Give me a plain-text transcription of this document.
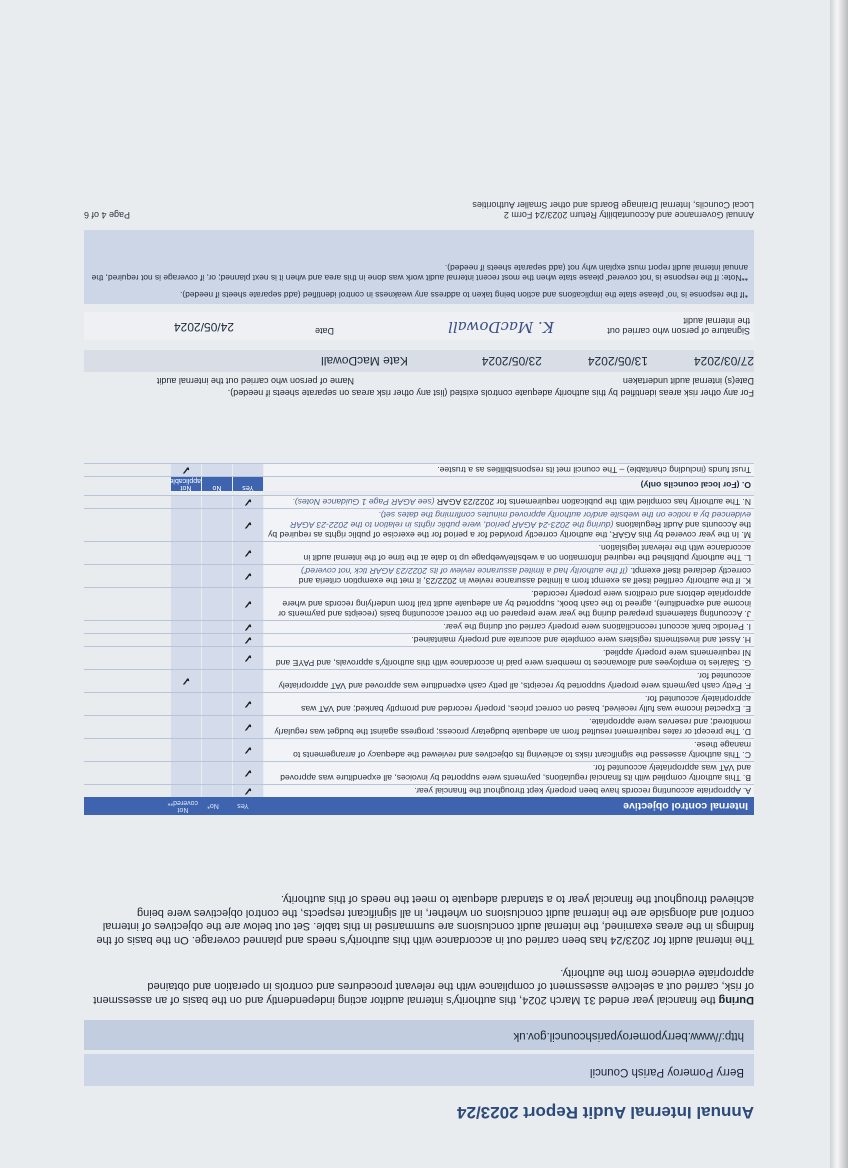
Annual Internal Audit Report 2023/24
Berry Pomeroy Parish Council
http://www.berrypomeroyparishcouncil.gov.uk
During the financial year ended 31 March 2024, this authority's internal auditor acting independently and on the basis of an assessment of risk, carried out a selective assessment of compliance with the relevant procedures and controls in operation and obtained appropriate evidence from the authority.
The internal audit for 2023/24 has been carried out in accordance with this authority's needs and planned coverage. On the basis of the findings in the areas examined, the internal audit conclusions are summarised in this table. Set out below are the objectives of internal control and alongside are the internal audit conclusions on whether, in all significant respects, the control objectives were being achieved throughout the financial year to a standard adequate to meet the needs of this authority.
Internal control objective
Yes
No*
Not covered**
A. Appropriate accounting records have been properly kept throughout the financial year.
✓
B. This authority complied with its financial regulations, payments were supported by invoices, all expenditure was approved and VAT was appropriately accounted for.
✓
C. This authority assessed the significant risks to achieving its objectives and reviewed the adequacy of arrangements to manage these.
✓
D. The precept or rates requirement resulted from an adequate budgetary process; progress against the budget was regularly monitored; and reserves were appropriate.
✓
E. Expected income was fully received, based on correct prices, properly recorded and promptly banked; and VAT was appropriately accounted for.
✓
F. Petty cash payments were properly supported by receipts, all petty cash expenditure was approved and VAT appropriately accounted for.
✓
G. Salaries to employees and allowances to members were paid in accordance with this authority's approvals, and PAYE and NI requirements were properly applied.
✓
H. Asset and investments registers were complete and accurate and properly maintained.
✓
I. Periodic bank account reconciliations were properly carried out during the year.
✓
J. Accounting statements prepared during the year were prepared on the correct accounting basis (receipts and payments or income and expenditure), agreed to the cash book, supported by an adequate audit trail from underlying records and where appropriate debtors and creditors were properly recorded.
✓
K. If the authority certified itself as exempt from a limited assurance review in 2022/23, it met the exemption criteria and correctly declared itself exempt. (If the authority had a limited assurance review of its 2022/23 AGAR tick 'not covered')
✓
L. The authority published the required information on a website/webpage up to date at the time of the internal audit in accordance with the relevant legislation.
✓
M. In the year covered by this AGAR, the authority correctly provided for a period for the exercise of public rights as required by the Accounts and Audit Regulations (during the 2023-24 AGAR period, were public rights in relation to the 2022-23 AGAR evidenced by a notice on the website and/or authority approved minutes confirming the dates set).
✓
N. The authority has complied with the publication requirements for 2022/23 AGAR (see AGAR Page 1 Guidance Notes).
✓
O. (For local councils only)
Yes
No
Not applicable
Trust funds (including charitable) – The council met its responsibilities as a trustee.
✓
For any other risk areas identified by this authority adequate controls existed (list any other risk areas on separate sheets if needed).
Date(s) internal audit undertaken
Name of person who carried out the internal audit
27/03/2024
13/05/2024
23/05/2024
Kate MacDowall
Signature of person who carried out the internal audit
K. MacDowall
Date
24/05/2024
*If the response is 'no' please state the implications and action being taken to address any weakness in control identified (add separate sheets if needed).
**Note: If the response is 'not covered' please state when the most recent internal audit work was done in this area and when it is next planned; or, if coverage is not required, the annual internal audit report must explain why not (add separate sheets if needed).
Annual Governance and Accountability Return 2023/24 Form 2
Local Councils, Internal Drainage Boards and other Smaller Authorities
Page 4 of 6
